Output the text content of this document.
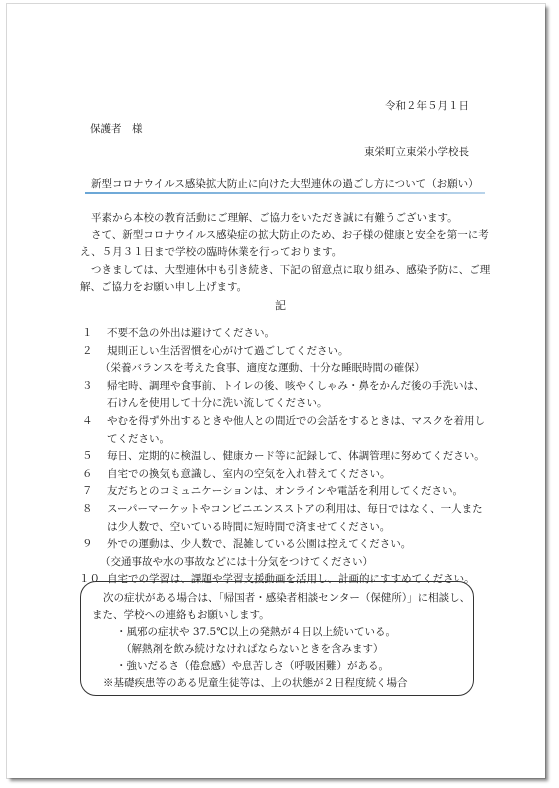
令和２年５月１日
保護者　様
東栄町立東栄小学校長
新型コロナウイルス感染拡大防止に向けた大型連休の過ごし方について（お願い）

平素から本校の教育活動にご理解、ご協力をいただき誠に有難うございます。

さて、新型コロナウイルス感染症の拡大防止のため、お子様の健康と安全を第一に考

え、５月３１日まで学校の臨時休業を行っております。

つきましては、大型連休中も引き続き、下記の留意点に取り組み、感染予防に、ご理

解、ご協力をお願い申し上げます。

記
１	不要不急の外出は避けてください。
２	規則正しい生活習慣を心がけて過ごしてください。
（栄養バランスを考えた食事、適度な運動、十分な睡眠時間の確保）
３	帰宅時、調理や食事前、トイレの後、咳やくしゃみ・鼻をかんだ後の手洗いは、
石けんを使用して十分に洗い流してください。
４	やむを得ず外出するときや他人との間近での会話をするときは、マスクを着用し
てください。
５	毎日、定期的に検温し、健康カード等に記録して、体調管理に努めてください。
６	自宅での換気も意識し、室内の空気を入れ替えてください。
７	友だちとのコミュニケーションは、オンラインや電話を利用してください。
８	スーパーマーケットやコンビニエンスストアの利用は、毎日ではなく、一人また
は少人数で、空いている時間に短時間で済ませてください。
９	外での運動は、少人数で、混雑している公園は控えてください。
（交通事故や水の事故などには十分気をつけてください）
１０ 自宅での学習は、課題や学習支援動画を活用し、計画的にすすめてください。
次の症状がある場合は、「帰国者・感染者相談センター（保健所）」に相談し、
また、学校への連絡もお願いします。
・風邪の症状や 37.5℃以上の発熱が４日以上続いている。
（解熱剤を飲み続けなければならないときを含みます）
・強いだるさ（倦怠感）や息苦しさ（呼吸困難）がある。
※基礎疾患等のある児童生徒等は、上の状態が２日程度続く場合
